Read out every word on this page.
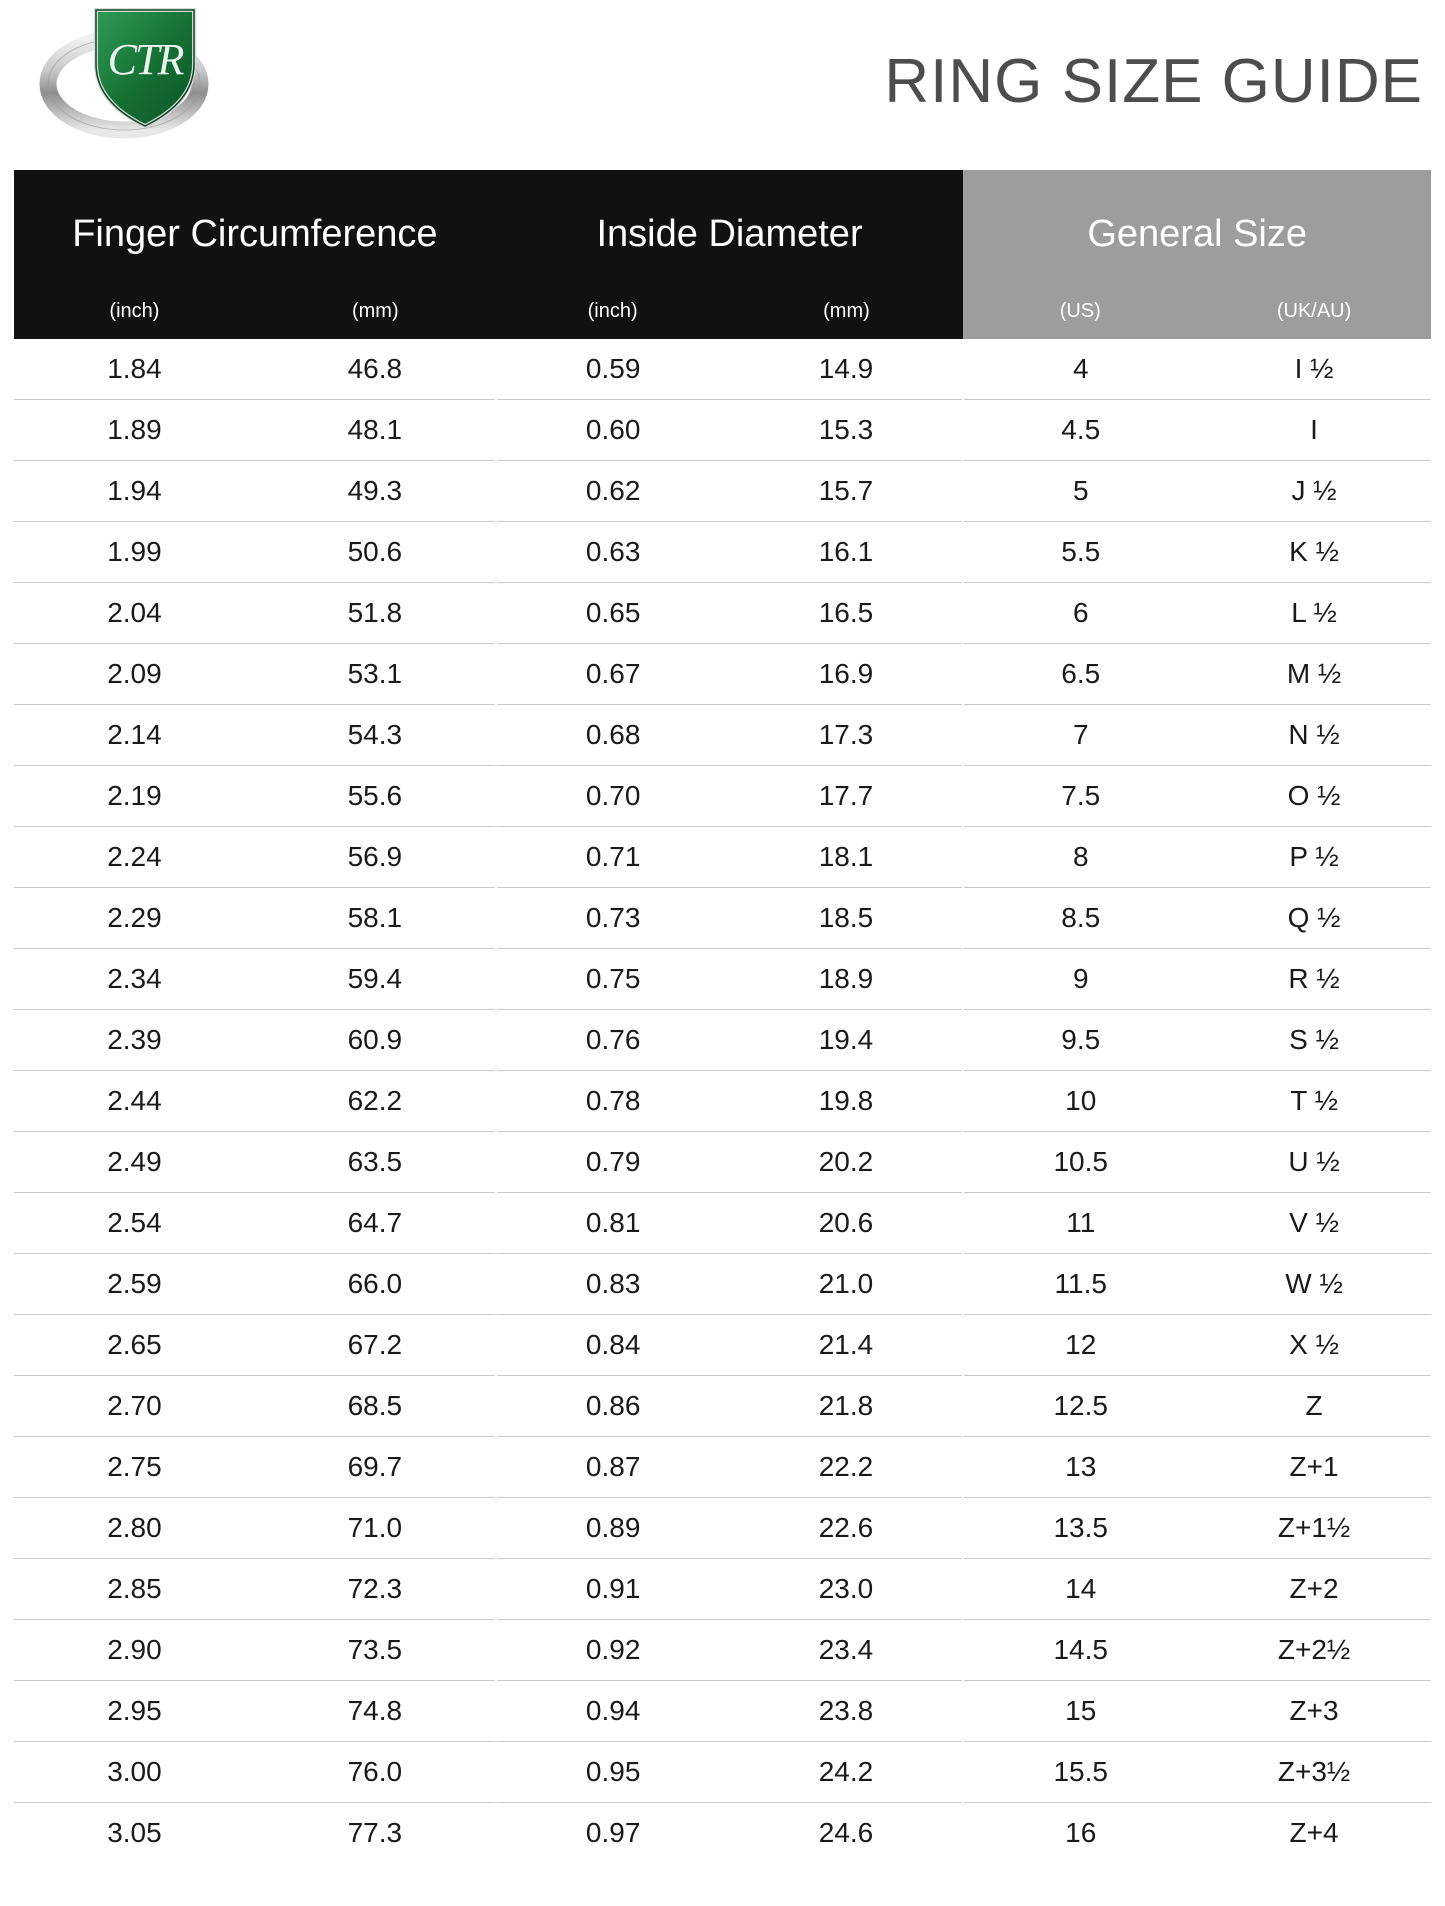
CTR	RING SIZE GUIDE
Finger Circumference		Inside Diameter		General Size	
(inch)	(mm)	(inch)	(mm)	(US)	(UK/AU)
1.84	46.8	0.59	14.9	4	I ½
1.89	48.1	0.60	15.3	4.5	I
1.94	49.3	0.62	15.7	5	J ½
1.99	50.6	0.63	16.1	5.5	K ½
2.04	51.8	0.65	16.5	6	L ½
2.09	53.1	0.67	16.9	6.5	M ½
2.14	54.3	0.68	17.3	7	N ½
2.19	55.6	0.70	17.7	7.5	O ½
2.24	56.9	0.71	18.1	8	P ½
2.29	58.1	0.73	18.5	8.5	Q ½
2.34	59.4	0.75	18.9	9	R ½
2.39	60.9	0.76	19.4	9.5	S ½
2.44	62.2	0.78	19.8	10	T ½
2.49	63.5	0.79	20.2	10.5	U ½
2.54	64.7	0.81	20.6	11	V ½
2.59	66.0	0.83	21.0	11.5	W ½
2.65	67.2	0.84	21.4	12	X ½
2.70	68.5	0.86	21.8	12.5	Z
2.75	69.7	0.87	22.2	13	Z+1
2.80	71.0	0.89	22.6	13.5	Z+1½
2.85	72.3	0.91	23.0	14	Z+2
2.90	73.5	0.92	23.4	14.5	Z+2½
2.95	74.8	0.94	23.8	15	Z+3
3.00	76.0	0.95	24.2	15.5	Z+3½
3.05	77.3	0.97	24.6	16	Z+4
